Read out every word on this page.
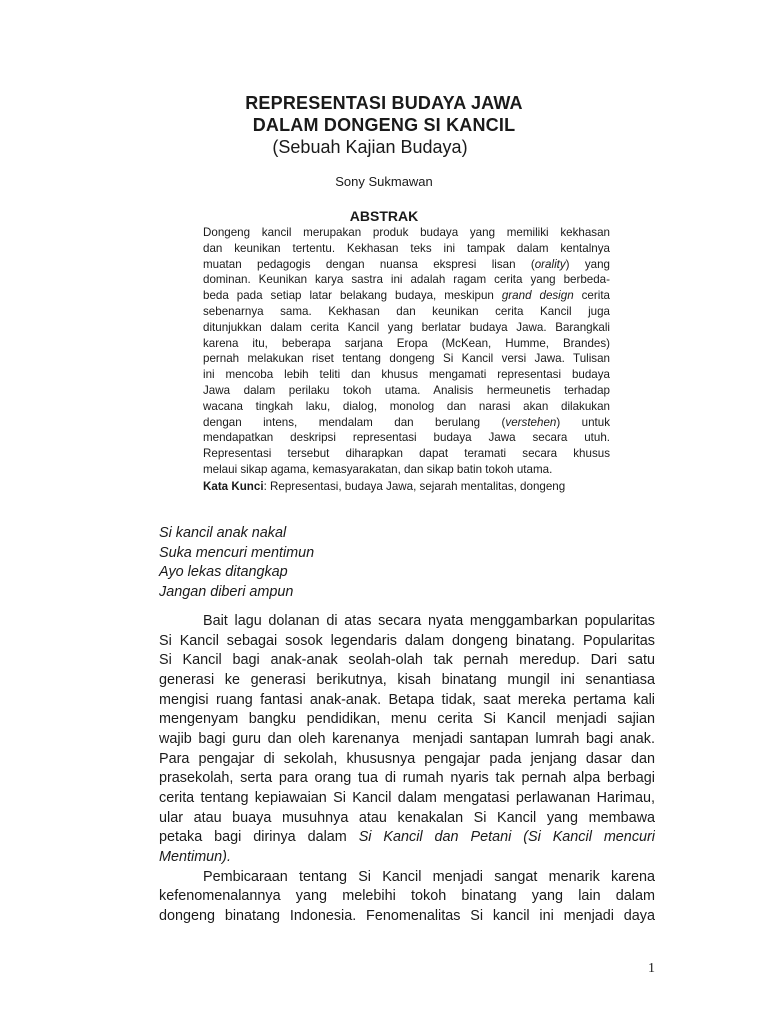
REPRESENTASI BUDAYA JAWA
DALAM DONGENG SI KANCIL
(Sebuah Kajian Budaya)
Sony Sukmawan
ABSTRAK
Dongeng kancil merupakan produk budaya yang memiliki kekhasan
dan keunikan tertentu. Kekhasan teks ini tampak dalam kentalnya
muatan pedagogis dengan nuansa ekspresi lisan (orality) yang
dominan. Keunikan karya sastra ini adalah ragam cerita yang berbeda-
beda pada setiap latar belakang budaya, meskipun grand design cerita
sebenarnya sama. Kekhasan dan keunikan cerita Kancil juga
ditunjukkan dalam cerita Kancil yang berlatar budaya Jawa. Barangkali
karena itu, beberapa sarjana Eropa (McKean, Humme, Brandes)
pernah melakukan riset tentang dongeng Si Kancil versi Jawa. Tulisan
ini mencoba lebih teliti dan khusus mengamati representasi budaya
Jawa dalam perilaku tokoh utama. Analisis hermeunetis terhadap
wacana tingkah laku, dialog, monolog dan narasi akan dilakukan
dengan intens, mendalam dan berulang (verstehen) untuk
mendapatkan deskripsi representasi budaya Jawa secara utuh.
Representasi tersebut diharapkan dapat teramati secara khusus
melaui sikap agama, kemasyarakatan, dan sikap batin tokoh utama.
Kata Kunci: Representasi, budaya Jawa, sejarah mentalitas, dongeng
Si kancil anak nakal
Suka mencuri mentimun
Ayo lekas ditangkap
Jangan diberi ampun
Bait lagu dolanan di atas secara nyata menggambarkan popularitas
Si Kancil sebagai sosok legendaris dalam dongeng binatang. Popularitas
Si Kancil bagi anak-anak seolah-olah tak pernah meredup. Dari satu
generasi ke generasi berikutnya, kisah binatang mungil ini senantiasa
mengisi ruang fantasi anak-anak. Betapa tidak, saat mereka pertama kali
mengenyam bangku pendidikan, menu cerita Si Kancil menjadi sajian
wajib bagi guru dan oleh karenanya  menjadi santapan lumrah bagi anak.
Para pengajar di sekolah, khususnya pengajar pada jenjang dasar dan
prasekolah, serta para orang tua di rumah nyaris tak pernah alpa berbagi
cerita tentang kepiawaian Si Kancil dalam mengatasi perlawanan Harimau,
ular atau buaya musuhnya atau kenakalan Si Kancil yang membawa
petaka bagi dirinya dalam Si Kancil dan Petani (Si Kancil mencuri
Mentimun).
Pembicaraan tentang Si Kancil menjadi sangat menarik karena
kefenomenalannya yang melebihi tokoh binatang yang lain dalam
dongeng binatang Indonesia. Fenomenalitas Si kancil ini menjadi daya
1
